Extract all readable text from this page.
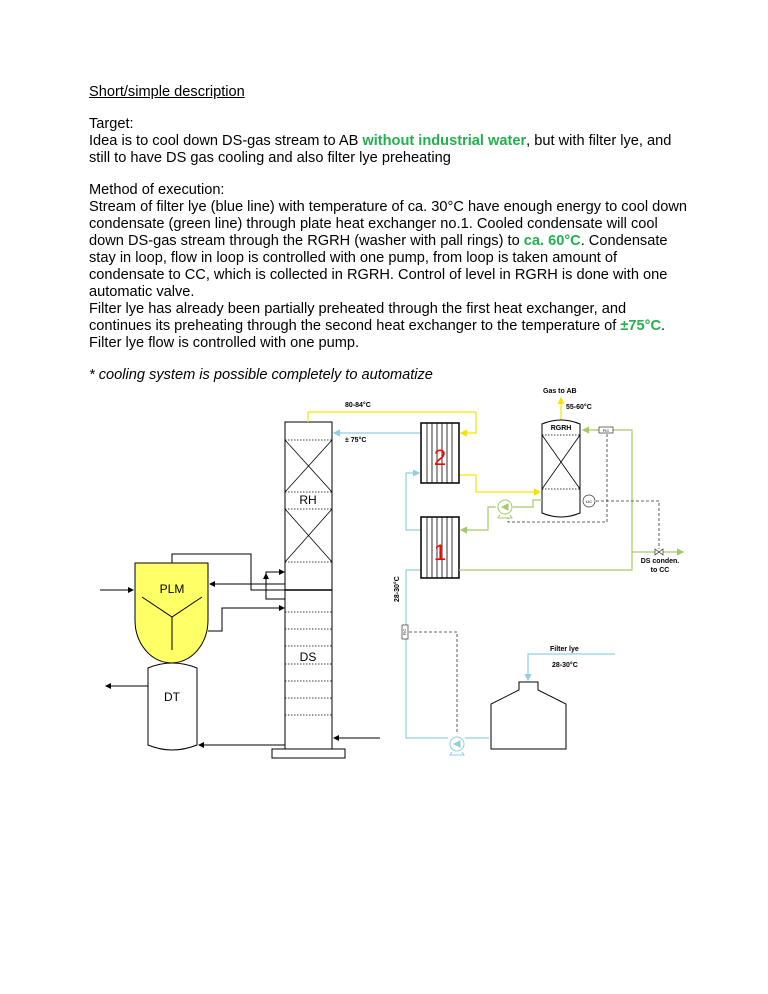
Short/simple description
Target:
Idea is to cool down DS-gas stream to AB without industrial water, but with filter lye, and
still to have DS gas cooling and also filter lye preheating
Method of execution:
Stream of filter lye (blue line) with temperature of ca. 30°C have enough energy to cool down
condensate (green line) through plate heat exchanger no.1. Cooled condensate will cool
down DS-gas stream through the RGRH (washer with pall rings) to ca. 60°C. Condensate
stay in loop, flow in loop is controlled with one pump, from loop is taken amount of
condensate to CC, which is collected in RGRH. Control of level in RGRH is done with one
automatic valve.
Filter lye has already been partially preheated through the first heat exchanger, and
continues its preheating through the second heat exchanger to the temperature of ±75°C.
Filter lye flow is controlled with one pump.
* cooling system is possible completely to automatize
RH
DS
PLM
DT
80-84°C
Gas to AB
55-60°C
± 75°C
28-30°C
2
1
RGRH
DS conden.
to CC
FIC
LIC
FIC
Filter lye
28-30°C
